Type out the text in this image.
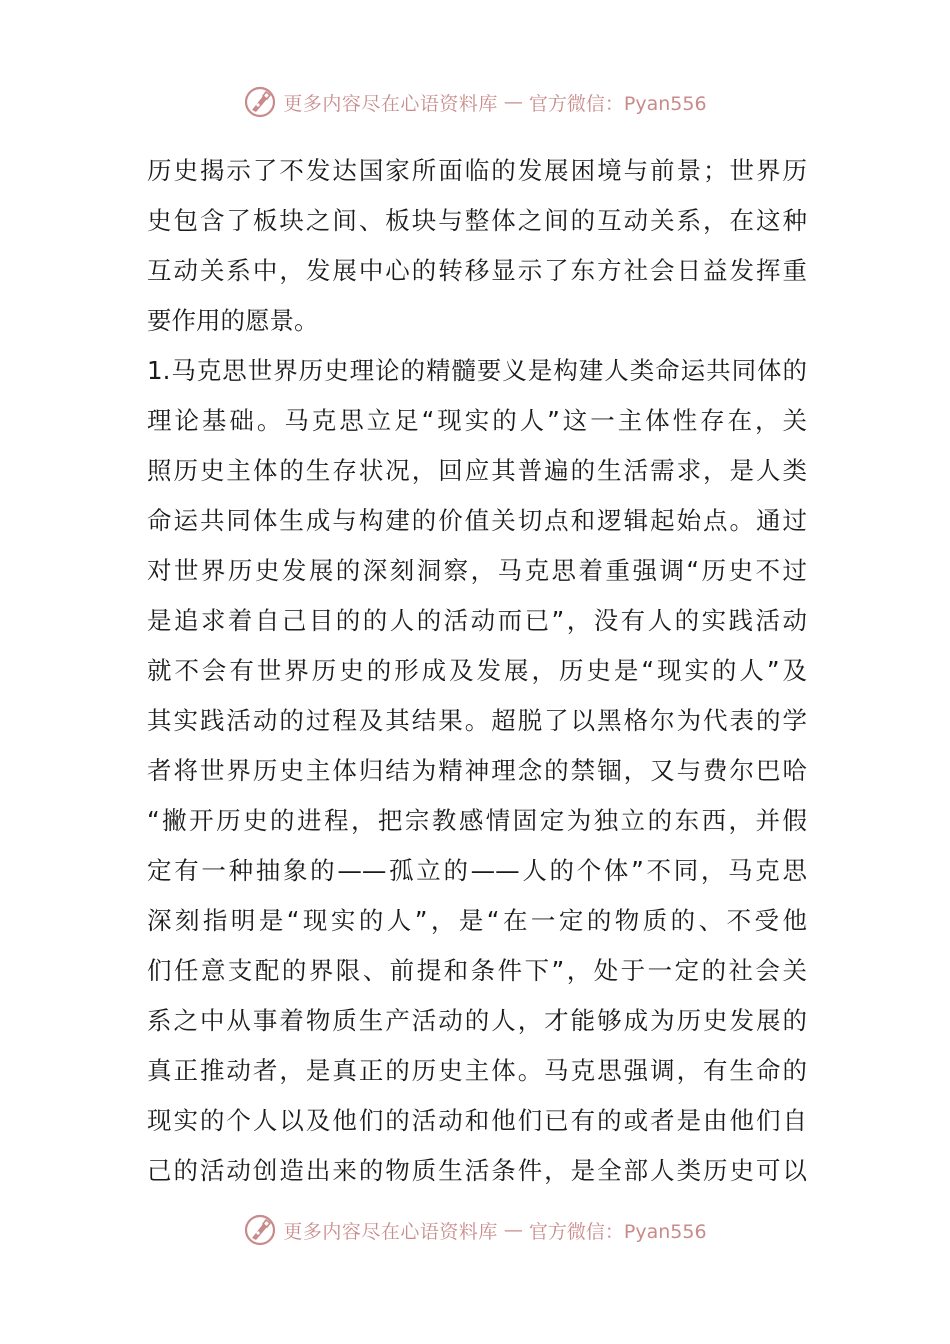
更多内容尽在心语资料库 — 官方微信：Pyan556
历史揭示了不发达国家所面临的发展困境与前景；世界历
史包含了板块之间、板块与整体之间的互动关系，在这种
互动关系中，发展中心的转移显示了东方社会日益发挥重
要作用的愿景。
1.马克思世界历史理论的精髓要义是构建人类命运共同体的
理论基础。马克思立足“现实的人”这一主体性存在，关
照历史主体的生存状况，回应其普遍的生活需求，是人类
命运共同体生成与构建的价值关切点和逻辑起始点。通过
对世界历史发展的深刻洞察，马克思着重强调“历史不过
是追求着自己目的的人的活动而已”，没有人的实践活动
就不会有世界历史的形成及发展，历史是“现实的人”及
其实践活动的过程及其结果。超脱了以黑格尔为代表的学
者将世界历史主体归结为精神理念的禁锢，又与费尔巴哈
“撇开历史的进程，把宗教感情固定为独立的东西，并假
定有一种抽象的——孤立的——人的个体”不同，马克思
深刻指明是“现实的人”，是“在一定的物质的、不受他
们任意支配的界限、前提和条件下”，处于一定的社会关
系之中从事着物质生产活动的人，才能够成为历史发展的
真正推动者，是真正的历史主体。马克思强调，有生命的
现实的个人以及他们的活动和他们已有的或者是由他们自
己的活动创造出来的物质生活条件，是全部人类历史可以
更多内容尽在心语资料库 — 官方微信：Pyan556
